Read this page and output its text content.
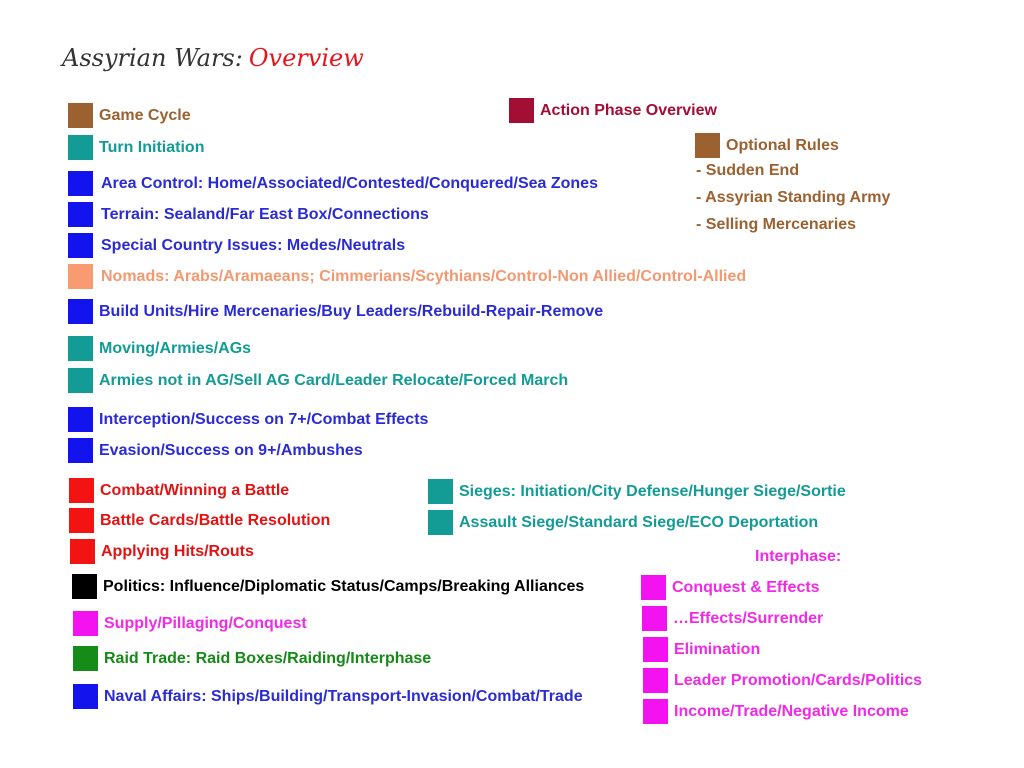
Assyrian Wars: Overview
Game Cycle
Turn Initiation
Area Control: Home/Associated/Contested/Conquered/Sea Zones
Terrain: Sealand/Far East Box/Connections
Special Country Issues: Medes/Neutrals
Nomads: Arabs/Aramaeans; Cimmerians/Scythians/Control-Non Allied/Control-Allied
Build Units/Hire Mercenaries/Buy Leaders/Rebuild-Repair-Remove
Moving/Armies/AGs
Armies not in AG/Sell AG Card/Leader Relocate/Forced March
Interception/Success on 7+/Combat Effects
Evasion/Success on 9+/Ambushes
Combat/Winning a Battle
Battle Cards/Battle Resolution
Applying Hits/Routs
Politics: Influence/Diplomatic Status/Camps/Breaking Alliances
Supply/Pillaging/Conquest
Raid Trade: Raid Boxes/Raiding/Interphase
Naval Affairs: Ships/Building/Transport-Invasion/Combat/Trade
Action Phase Overview
Optional Rules
- Sudden End
- Assyrian Standing Army
- Selling Mercenaries
Sieges: Initiation/City Defense/Hunger Siege/Sortie
Assault Siege/Standard Siege/ECO Deportation
Interphase:
Conquest & Effects
…Effects/Surrender
Elimination
Leader Promotion/Cards/Politics
Income/Trade/Negative Income
